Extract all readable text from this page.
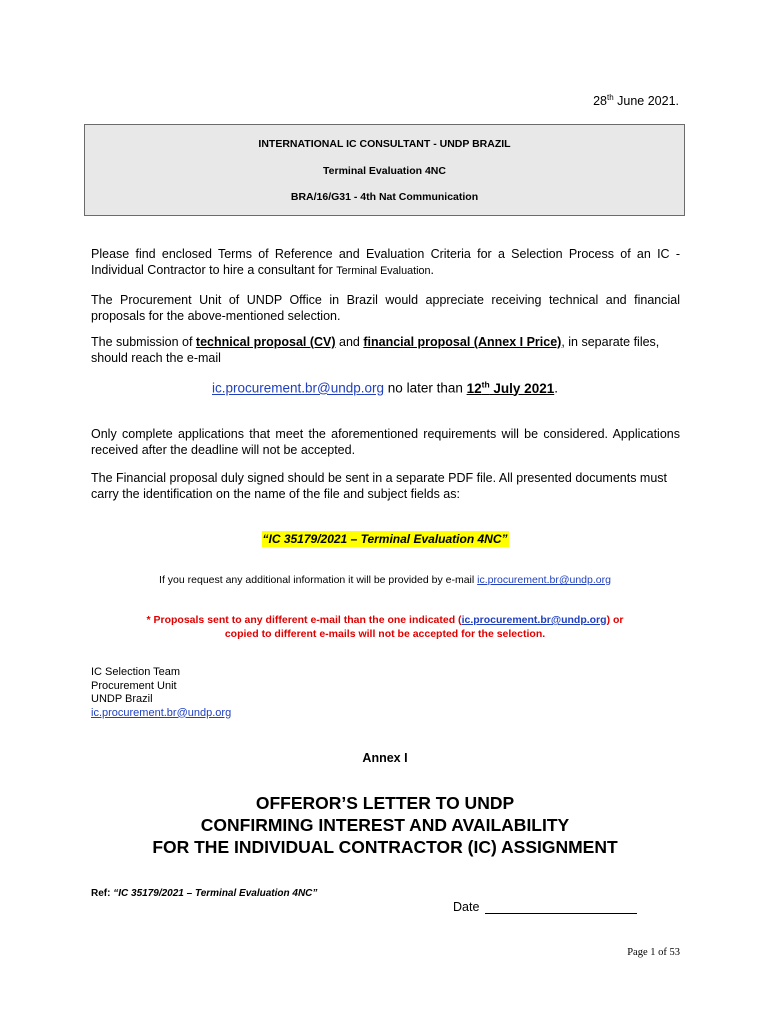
28th June 2021.
INTERNATIONAL IC CONSULTANT - UNDP BRAZIL
Terminal Evaluation 4NC
BRA/16/G31 - 4th Nat Communication
Please find enclosed Terms of Reference and Evaluation Criteria for a Selection Process of an IC - Individual Contractor to hire a consultant for Terminal Evaluation.
The Procurement Unit of UNDP Office in Brazil would appreciate receiving technical and financial proposals for the above-mentioned selection.
The submission of technical proposal (CV) and financial proposal (Annex I Price), in separate files, should reach the e-mail
ic.procurement.br@undp.org no later than 12th July 2021.
Only complete applications that meet the aforementioned requirements will be considered. Applications received after the deadline will not be accepted.
The Financial proposal duly signed should be sent in a separate PDF file. All presented documents must carry the identification on the name of the file and subject fields as:
“IC 35179/2021 – Terminal Evaluation 4NC”
If you request any additional information it will be provided by e-mail ic.procurement.br@undp.org
* Proposals sent to any different e-mail than the one indicated (ic.procurement.br@undp.org) or
copied to different e-mails will not be accepted for the selection.
IC Selection Team
Procurement Unit
UNDP Brazil
ic.procurement.br@undp.org
Annex I
OFFEROR’S LETTER TO UNDP
CONFIRMING INTEREST AND AVAILABILITY
FOR THE INDIVIDUAL CONTRACTOR (IC) ASSIGNMENT
Ref: “IC 35179/2021 – Terminal Evaluation 4NC”
Date
Page 1 of 53
